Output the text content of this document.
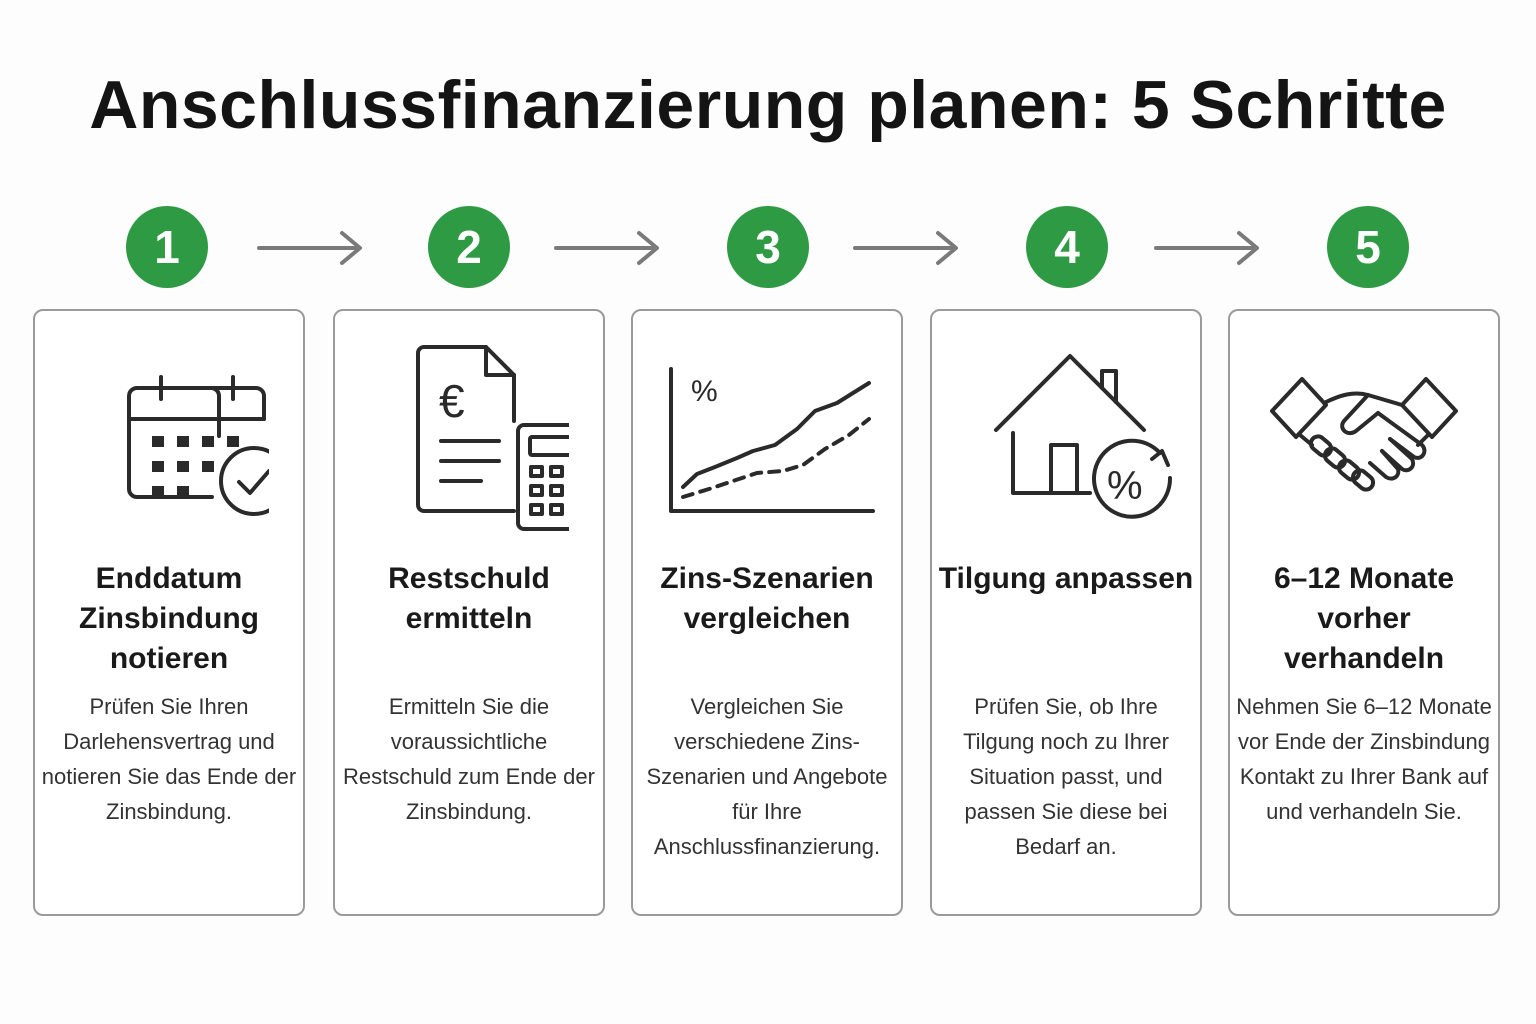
Anschlussfinanzierung planen: 5 Schritte
1	2	3	4	5
Enddatum Zinsbindung notieren
Prüfen Sie Ihren Darlehensvertrag und notieren Sie das Ende der Zinsbindung.
€
Restschuld ermitteln
Ermitteln Sie die voraussichtliche Restschuld zum Ende der Zinsbindung.
%
Zins-Szenarien vergleichen
Vergleichen Sie verschiedene Zins-Szenarien und Angebote für Ihre Anschlussfinanzierung.
%
Tilgung anpassen
Prüfen Sie, ob Ihre Tilgung noch zu Ihrer Situation passt, und passen Sie diese bei Bedarf an.
6–12 Monate vorher verhandeln
Nehmen Sie 6–12 Monate vor Ende der Zinsbindung Kontakt zu Ihrer Bank auf und verhandeln Sie.
